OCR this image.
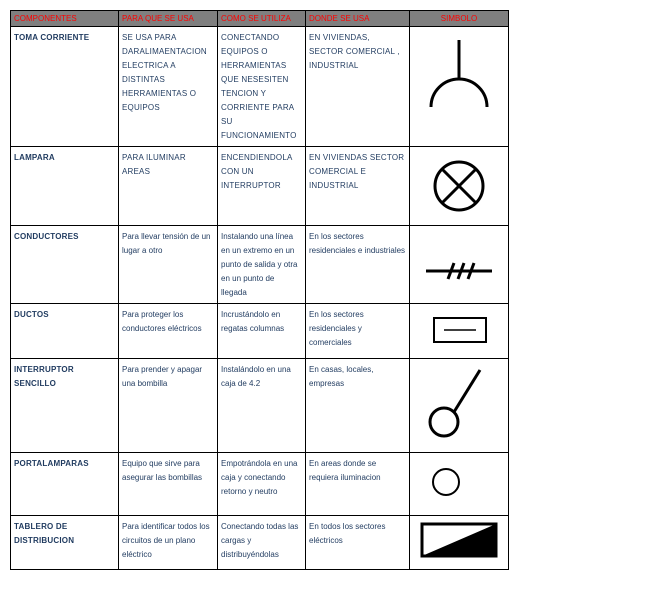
COMPONENTES	PARA QUE SE USA	COMO SE UTILIZA	DONDE SE USA	SIMBOLO
TOMA CORRIENTE	SE USA PARA DARALIMAENTACION ELECTRICA A DISTINTAS HERRAMIENTAS O EQUIPOS	CONECTANDO EQUIPOS O HERRAMIENTAS QUE NESESITEN TENCION Y CORRIENTE PARA SU FUNCIONAMIENTO	EN VIVIENDAS, SECTOR COMERCIAL , INDUSTRIAL	

LAMPARA	PARA ILUMINAR AREAS	ENCENDIENDOLA CON UN INTERRUPTOR	EN VIVIENDAS SECTOR COMERCIAL E INDUSTRIAL	

CONDUCTORES	Para llevar tensión de un lugar a otro	Instalando una línea en un extremo en un punto de salida y otra en un punto de llegada	En los sectores residenciales e industriales	

DUCTOS	Para proteger los conductores eléctricos	Incrustándolo en regatas columnas	En los sectores residenciales y comerciales	

INTERRUPTOR SENCILLO	Para prender y apagar una bombilla	Instalándolo en una caja de 4.2	En casas, locales, empresas	

PORTALAMPARAS	Equipo que sirve para asegurar las bombillas	Empotrándola en una caja y conectando retorno y neutro	En areas donde se requiera iluminacion	

TABLERO DE DISTRIBUCION	Para identificar todos los circuitos de un plano eléctrico	Conectando todas las cargas y distribuyéndolas	En todos los sectores eléctricos	
